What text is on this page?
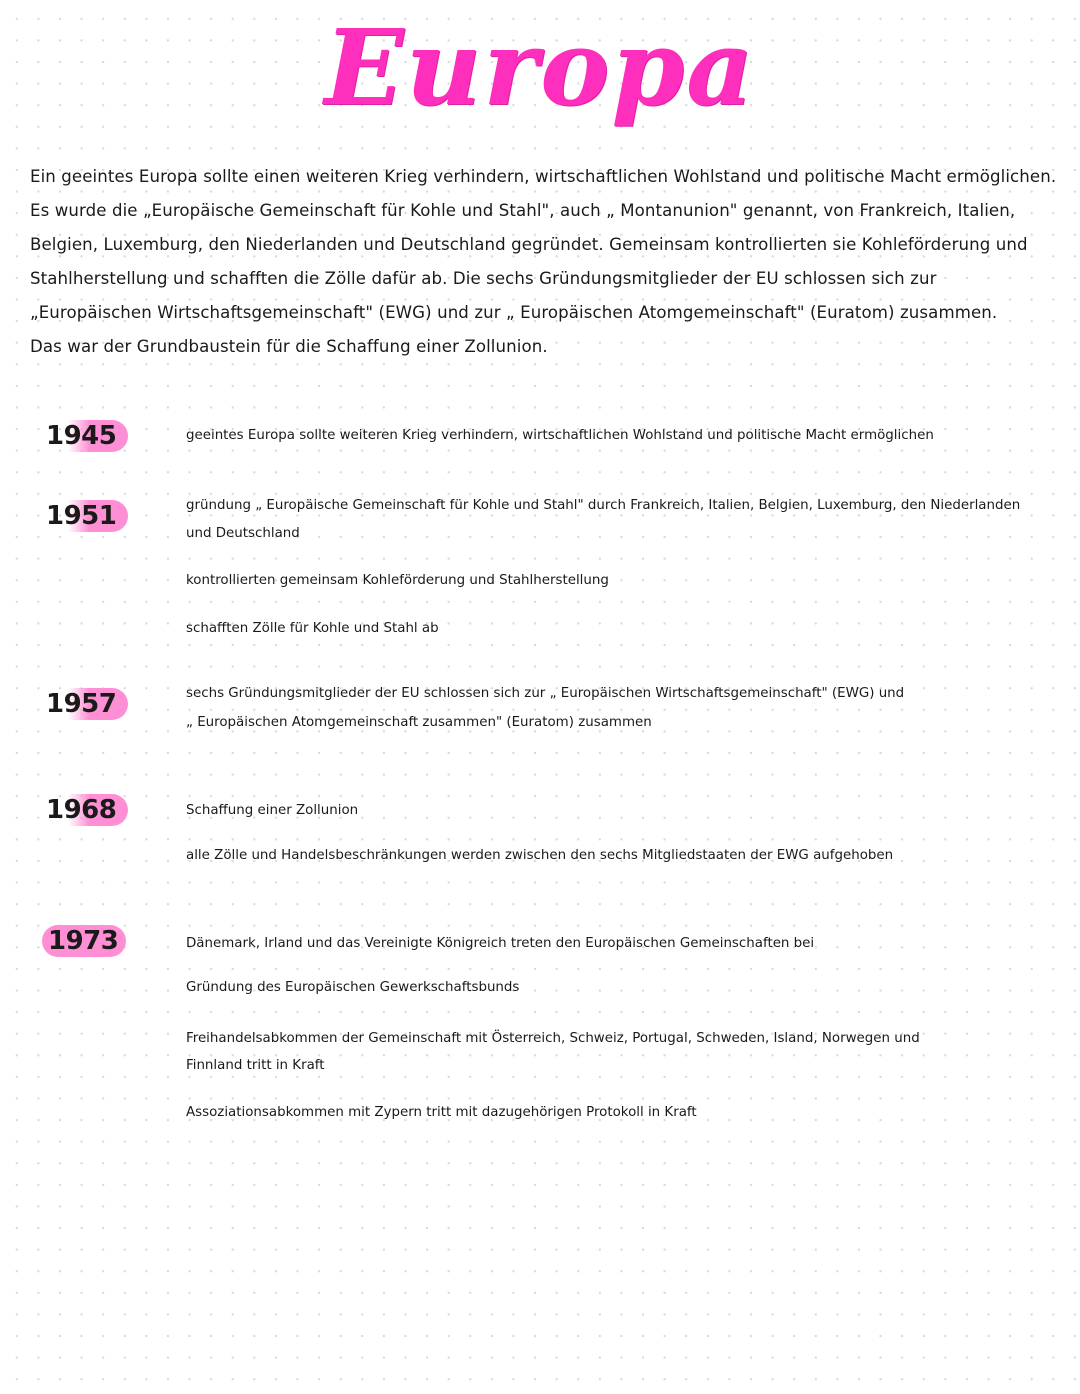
Europa
Ein geeintes Europa sollte einen weiteren Krieg verhindern, wirtschaftlichen Wohlstand und politische Macht ermöglichen.
Es wurde die „Europäische Gemeinschaft für Kohle und Stahl", auch „ Montanunion" genannt, von Frankreich, Italien,
Belgien, Luxemburg, den Niederlanden und Deutschland gegründet. Gemeinsam kontrollierten sie Kohleförderung und
Stahlherstellung und schafften die Zölle dafür ab. Die sechs Gründungsmitglieder der EU schlossen sich zur
„Europäischen Wirtschaftsgemeinschaft" (EWG) und zur „ Europäischen Atomgemeinschaft" (Euratom) zusammen.
Das war der Grundbaustein für die Schaffung einer Zollunion.
1945	geeintes Europa sollte weiteren Krieg verhindern, wirtschaftlichen Wohlstand und politische Macht ermöglichen
1951	gründung „ Europäische Gemeinschaft für Kohle und Stahl" durch Frankreich, Italien, Belgien, Luxemburg, den Niederlanden
und Deutschland
kontrollierten gemeinsam Kohleförderung und Stahlherstellung
schafften Zölle für Kohle und Stahl ab
1957	sechs Gründungsmitglieder der EU schlossen sich zur „ Europäischen Wirtschaftsgemeinschaft" (EWG) und
„ Europäischen Atomgemeinschaft zusammen" (Euratom) zusammen
1968	Schaffung einer Zollunion
alle Zölle und Handelsbeschränkungen werden zwischen den sechs Mitgliedstaaten der EWG aufgehoben
1973	Dänemark, Irland und das Vereinigte Königreich treten den Europäischen Gemeinschaften bei
Gründung des Europäischen Gewerkschaftsbunds
Freihandelsabkommen der Gemeinschaft mit Österreich, Schweiz, Portugal, Schweden, Island, Norwegen und
Finnland tritt in Kraft
Assoziationsabkommen mit Zypern tritt mit dazugehörigen Protokoll in Kraft
